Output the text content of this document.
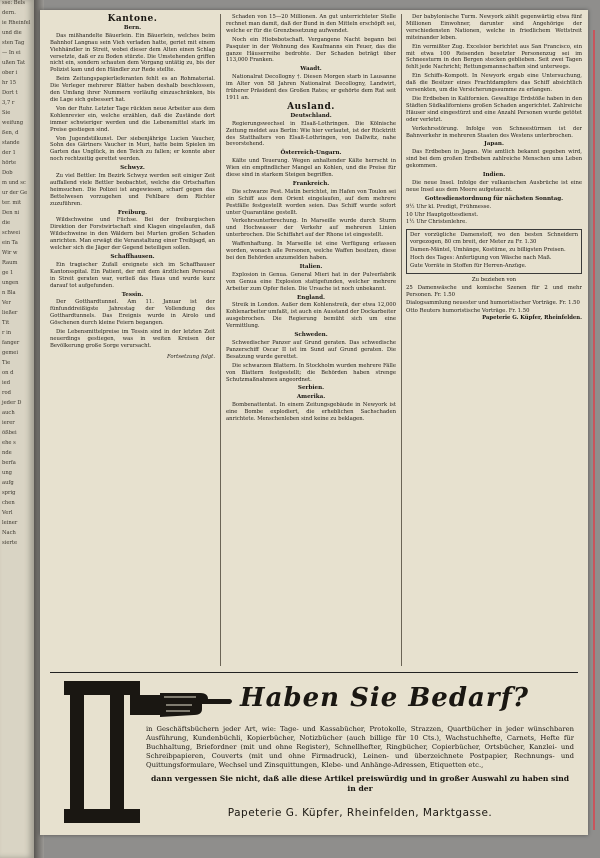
sse: Bels

dern.

ie Rheinfel

und die

sten Tag

— In ei

ußen Tat

ober i

hr 15

Dort t

3,7 r

Sie

weifung

ßen, d

stande

der 1

hörte

Dob

m und sc

ur der Ge

ter. mit

Den ni

die

schwei

ein Ta

Wir w

Raum

ge 1

ungen

n Bla

Ver

ließer

Tit

r in

fanger

gemei

Tie

on d

ied

rod

jeder D

auch

ierer

ößbei

ehe s

nde

berfa

ung

aufg

sprig

chen

Verl

leiner

Nach

sierte

Kantone.
Bern.

Das mißhandelte Bäuerlein. Ein Bäuerlein, welches beim Bahnhof Langnau sein Vieh verladen hatte, geriet mit einem Viehhändler in Streit, wobei dieser dem Alten einen Schlag versetzte, daß er zu Boden stürzte. Die Umstehenden griffen nicht ein, sondern schauten dem Vorgang untätig zu, bis der Polizist kam und den Händler zur Rede stellte.

Beim Zeitungspapierlieferanten fehlt es an Rohmaterial. Die Verleger mehrerer Blätter haben deshalb beschlossen, den Umfang ihrer Nummern vorläufig einzuschränken, bis die Lage sich gebessert hat.

Von der Ruhr. Letzter Tage rückten neue Arbeiter aus dem Kohlenrevier ein, welche erzählen, daß die Zustände dort immer schwieriger werden und die Lebensmittel stark im Preise gestiegen sind.

Von Jugendstilkunst. Der siebenjährige Lucien Vaucher, Sohn des Gärtners Vaucher in Muri, hatte beim Spielen im Garten das Unglück, in den Teich zu fallen; er konnte aber noch rechtzeitig gerettet werden.

Schwyz.

Zu viel Bettler. Im Bezirk Schwyz werden seit einiger Zeit auffallend viele Bettler beobachtet, welche die Ortschaften heimsuchen. Die Polizei ist angewiesen, scharf gegen das Bettelwesen vorzugehen und Fehlbare dem Richter zuzuführen.

Freiburg.

Wildschweine und Füchse. Bei der freiburgischen Direktion der Forstwirtschaft sind Klagen eingelaufen, daß Wildschweine in den Wäldern bei Murten großen Schaden anrichten. Man erwägt die Veranstaltung einer Treibjagd, an welcher sich die Jäger der Gegend beteiligen sollen.

Schaffhausen.

Ein tragischer Zufall ereignete sich im Schaffhauser Kantonsspital. Ein Patient, der mit dem ärztlichen Personal in Streit geraten war, verließ das Haus und wurde kurz darauf tot aufgefunden.

Tessin.

Der Gotthardtunnel. Am 11. Januar ist der fünfunddreißigste Jahrestag der Vollendung des Gotthardtunnels. Das Ereignis wurde in Airolo und Göschenen durch kleine Feiern begangen.

Die Lebensmittelpreise im Tessin sind in der letzten Zeit neuerdings gestiegen, was in weiten Kreisen der Bevölkerung große Sorge verursacht.

Fortsetzung folgt.

Schaden von 15—20 Millionen. An gut unterrichteter Stelle rechnet man damit, daß der Bund in den Mitteln erschöpft sei, welche er für die Grenzbesetzung aufwendet.

Noch ein Hiobsbotschaft. Vergangene Nacht begann bei Pasquier in der Wohnung des Kaufmanns ein Feuer, das die ganze Häuserreihe bedrohte. Der Schaden beträgt über 113,000 Franken.

Waadt.

Nationalrat Decollogny †. Diesen Morgen starb in Lausanne im Alter von 58 Jahren Nationalrat Decollogny, Landwirt, früherer Präsident des Großen Rates; er gehörte dem Rat seit 1911 an.

Ausland.
Deutschland.

Regierungswechsel in Elsaß-Lothringen. Die Kölnische Zeitung meldet aus Berlin: Wie hier verlautet, ist der Rücktritt des Statthalters von Elsaß-Lothringen, von Dallwitz, nahe bevorstehend.

Österreich-Ungarn.

Kälte und Teuerung. Wegen anhaltender Kälte herrscht in Wien ein empfindlicher Mangel an Kohlen, und die Preise für diese sind in starkem Steigen begriffen.

Frankreich.

Die schwarze Pest. Matin berichtet, im Hafen von Toulon sei ein Schiff aus dem Orient eingelaufen, auf dem mehrere Pestfälle festgestellt worden seien. Das Schiff wurde sofort unter Quarantäne gestellt.

Verkehrsunterbrechung. In Marseille wurde durch Sturm und Hochwasser der Verkehr auf mehreren Linien unterbrochen. Die Schiffahrt auf der Rhone ist eingestellt.

Waffenhaftung. In Marseille ist eine Verfügung erlassen worden, wonach alle Personen, welche Waffen besitzen, diese bei den Behörden anzumelden haben.

Italien.

Explosion in Genua. General Mieri hat in der Pulverfabrik von Genua eine Explosion stattgefunden, welcher mehrere Arbeiter zum Opfer fielen. Die Ursache ist noch unbekannt.

England.

Streik in London. Außer dem Kohlenstreik, der etwa 12,000 Kohlenarbeiter umfaßt, ist auch ein Ausstand der Dockarbeiter ausgebrochen. Die Regierung bemüht sich um eine Vermittlung.

Schweden.

Schwedischer Panzer auf Grund geraten. Das schwedische Panzerschiff Oscar II ist im Sund auf Grund geraten. Die Besatzung wurde gerettet.

Die schwarzen Blattern. In Stockholm wurden mehrere Fälle von Blattern festgestellt; die Behörden haben strenge Schutzmaßnahmen angeordnet.

Serbien.
Amerika.

Bombenattentat. In einem Zeitungsgebäude in Newyork ist eine Bombe explodiert, die erheblichen Sachschaden anrichtete. Menschenleben sind keine zu beklagen.

Der babylonische Turm. Newyork zählt gegenwärtig etwa fünf Millionen Einwohner, darunter sind Angehörige der verschiedensten Nationen, welche in friedlichem Wettstreit miteinander leben.

Ein vermißter Zug. Excelsior berichtet aus San Francisco, ein mit etwa 100 Reisenden besetzter Personenzug sei im Schneesturm in den Bergen stecken geblieben. Seit zwei Tagen fehlt jede Nachricht; Rettungsmannschaften sind unterwegs.

Ein Schiffs-Kompott. In Newyork ergab eine Untersuchung, daß die Besitzer eines Frachtdampfers das Schiff absichtlich versenkten, um die Versicherungssumme zu erlangen.

Die Erdbeben in Kalifornien. Gewaltige Erdstöße haben in den Städten Südkaliforniens großen Schaden angerichtet. Zahlreiche Häuser sind eingestürzt und eine Anzahl Personen wurde getötet oder verletzt.

Verkehrsstörung. Infolge von Schneestürmen ist der Bahnverkehr in mehreren Staaten des Westens unterbrochen.

Japan.

Das Erdbeben in Japan. Wie amtlich bekannt gegeben wird, sind bei dem großen Erdbeben zahlreiche Menschen ums Leben gekommen.

Indien.

Die neue Insel. Infolge der vulkanischen Ausbrüche ist eine neue Insel aus dem Meere aufgetaucht.

Gottesdienstordnung für nächsten Sonntag.
9½ Uhr kl. Predigt, Frühmesse.
10 Uhr Hauptgottesdienst.
1½ Uhr Christenlehre.
Der vorzügliche Damenstoff, wo den besten Schneidern vorgezogen, 80 cm breit, der Meter zu Fr. 1.30
Damen-Mäntel, Umhänge, Kostüme, zu billigsten Preisen.
Hoch des Tages: Anfertigung von Wäsche nach Maß.
Gute Vorräte in Stoffen für Herren-Anzüge.
Zu beziehen von
25 Damenwäsche und komische Szenen für 2 und mehr Personen. Fr. 1.50
Dialogsammlung neuester und humoristischer Vorträge. Fr. 1.50
Otto Reuters humoristische Vorträge. Fr. 1.50
Papeterie G. Küpfer, Rheinfelden.
Haben Sie Bedarf?
in Geschäftsbüchern jeder Art, wie: Tage- und Kassabücher, Protokolle, Strazzen, Quartbücher in jeder wünschbaren Ausführung, Kundenbüchli, Kopierbücher, Notizbücher (auch billige für 10 Cts.), Wachstuchhefte, Carnets, Hefte für Buchhaltung, Briefordner (mit und ohne Register), Schnellhefter, Ringbücher, Copierbücher, Ortsbücher, Kanzlei- und Schreibpapieren, Couverts (mit und ohne Firmadruck), Leinen- und überzeichnete Postpapier, Rechnungs- und Quittungsformulare, Wechsel und Zinsquittungen, Klebe- und Anhänge-Adressen, Etiquetten etc.,
dann vergessen Sie nicht, daß alle diese Artikel preiswürdig und in großer Auswahl zu haben sind in der
Papeterie G. Küpfer, Rheinfelden, Marktgasse.
